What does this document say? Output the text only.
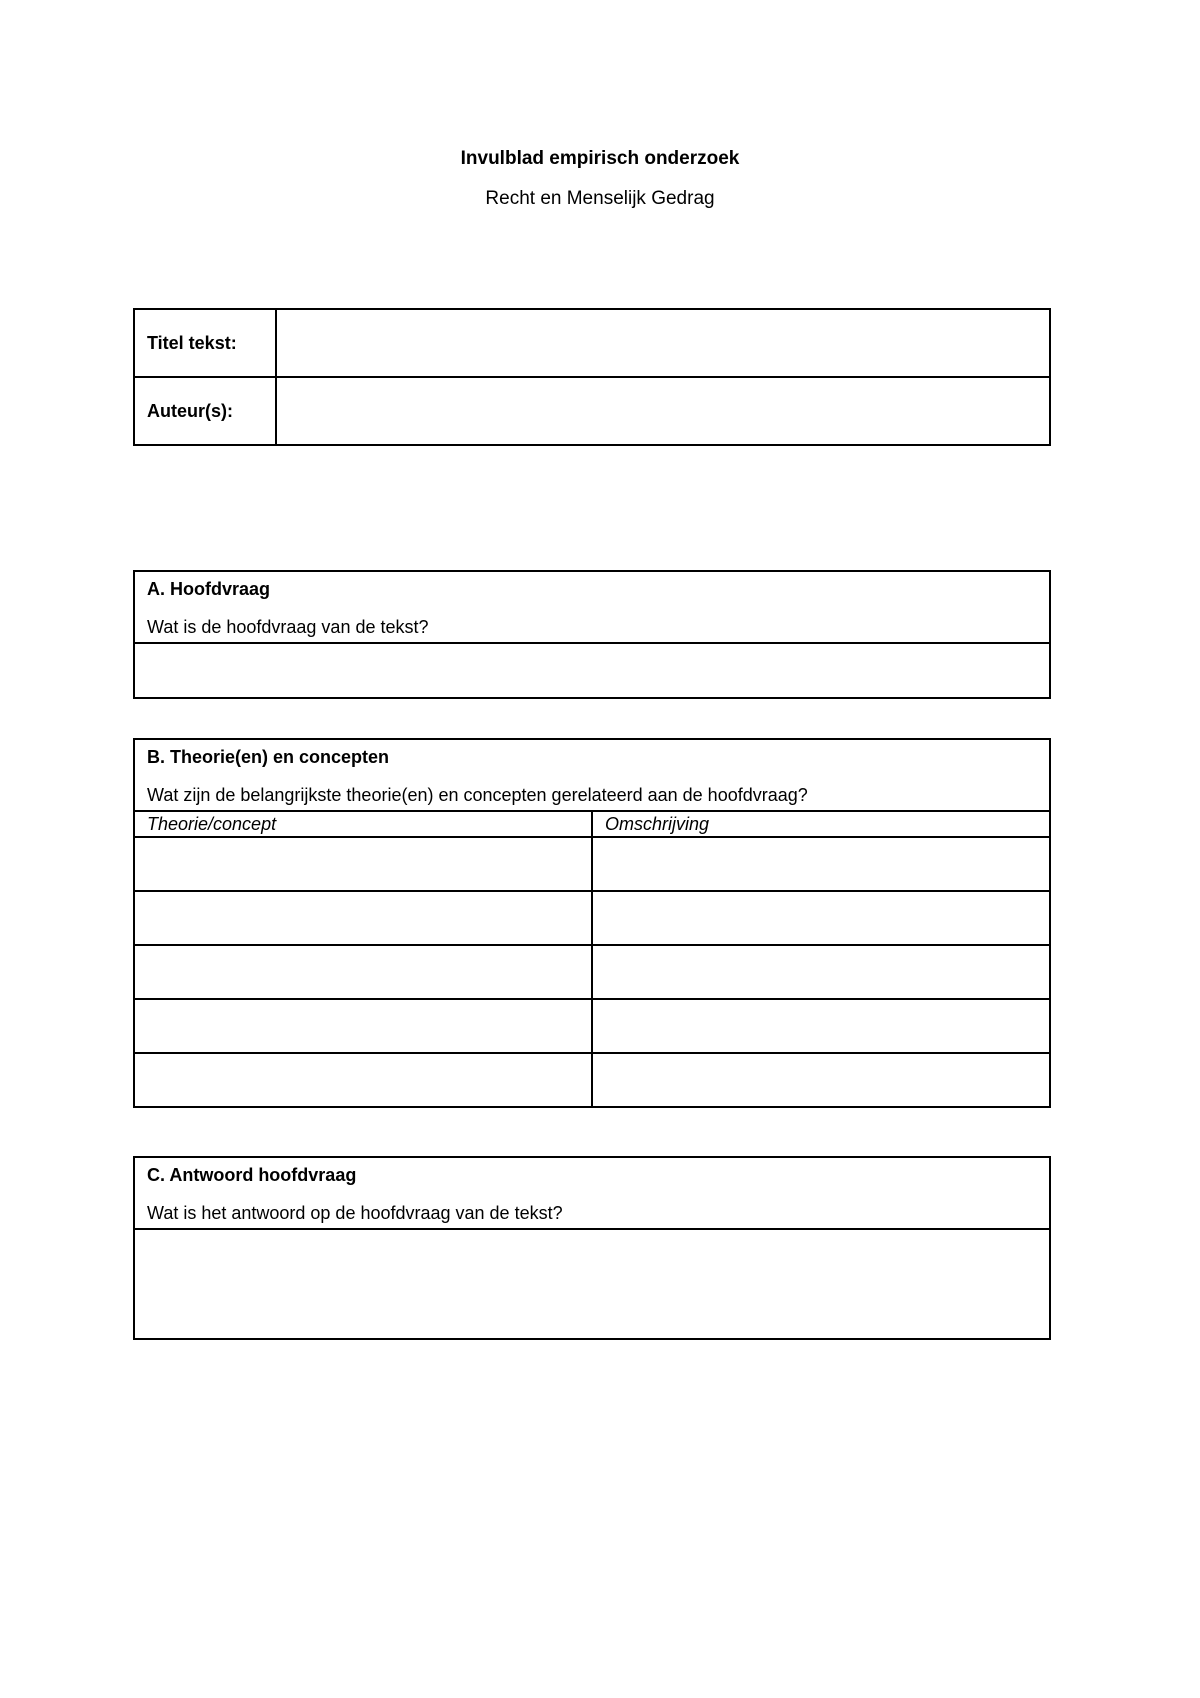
Invulblad empirisch onderzoek
Recht en Menselijk Gedrag
Titel tekst:	
Auteur(s):	
A. Hoofdvraag
Wat is de hoofdvraag van de tekst?

B. Theorie(en) en concepten
Wat zijn de belangrijkste theorie(en) en concepten gerelateerd aan de hoofdvraag?	

Theorie/concept	Omschrijving

C. Antwoord hoofdvraag
Wat is het antwoord op de hoofdvraag van de tekst?
